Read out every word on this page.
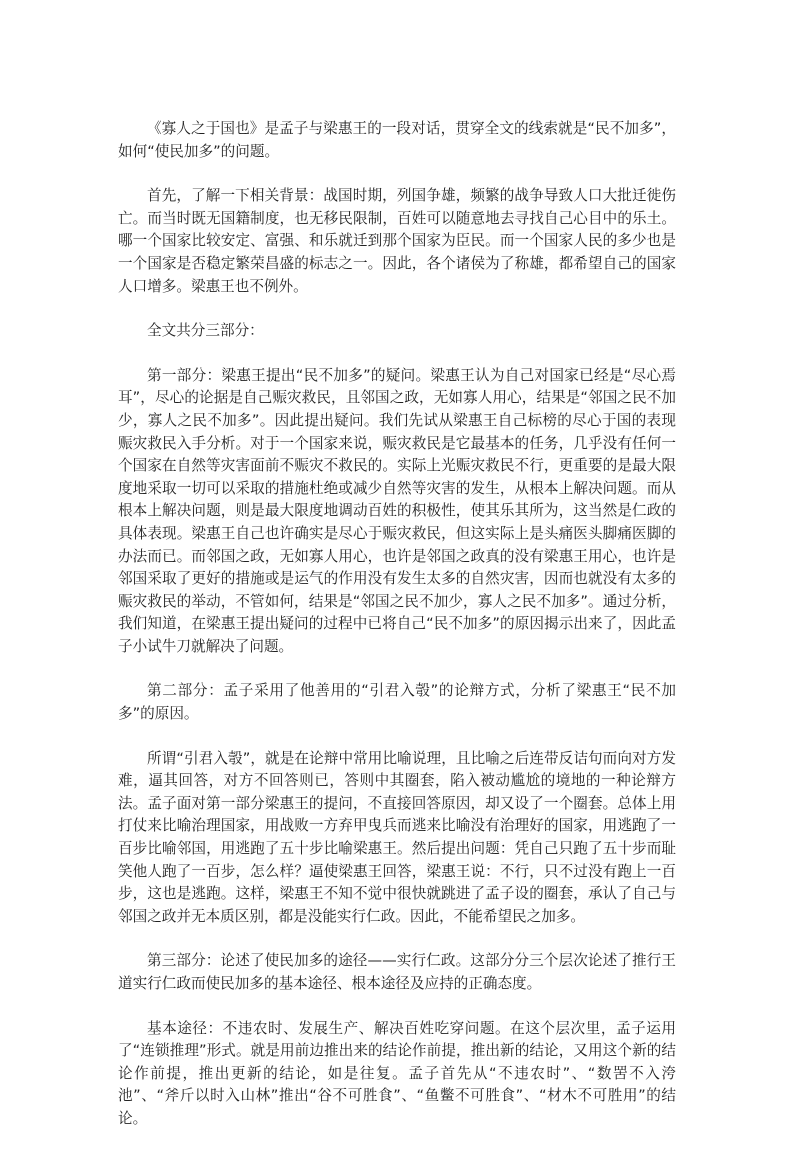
《寡人之于国也》是孟子与梁惠王的一段对话，贯穿全文的线索就是“民不加多”，如何“使民加多”的问题。

首先，了解一下相关背景：战国时期，列国争雄，频繁的战争导致人口大批迁徙伤亡。而当时既无国籍制度，也无移民限制，百姓可以随意地去寻找自己心目中的乐土。哪一个国家比较安定、富强、和乐就迁到那个国家为臣民。而一个国家人民的多少也是一个国家是否稳定繁荣昌盛的标志之一。因此，各个诸侯为了称雄，都希望自己的国家人口增多。梁惠王也不例外。

全文共分三部分：

第一部分：梁惠王提出“民不加多”的疑问。梁惠王认为自己对国家已经是“尽心焉耳”，尽心的论据是自己赈灾救民，且邻国之政，无如寡人用心，结果是“邻国之民不加少，寡人之民不加多”。因此提出疑问。我们先试从梁惠王自己标榜的尽心于国的表现赈灾救民入手分析。对于一个国家来说，赈灾救民是它最基本的任务，几乎没有任何一个国家在自然等灾害面前不赈灾不救民的。实际上光赈灾救民不行，更重要的是最大限度地采取一切可以采取的措施杜绝或减少自然等灾害的发生，从根本上解决问题。而从根本上解决问题，则是最大限度地调动百姓的积极性，使其乐其所为，这当然是仁政的具体表现。梁惠王自己也许确实是尽心于赈灾救民，但这实际上是头痛医头脚痛医脚的办法而已。而邻国之政，无如寡人用心，也许是邻国之政真的没有梁惠王用心，也许是邻国采取了更好的措施或是运气的作用没有发生太多的自然灾害，因而也就没有太多的赈灾救民的举动，不管如何，结果是“邻国之民不加少，寡人之民不加多”。通过分析，我们知道，在梁惠王提出疑问的过程中已将自己“民不加多”的原因揭示出来了，因此孟子小试牛刀就解决了问题。

第二部分：孟子采用了他善用的“引君入彀”的论辩方式，分析了梁惠王“民不加多”的原因。

所谓“引君入彀”，就是在论辩中常用比喻说理，且比喻之后连带反诘句而向对方发难，逼其回答，对方不回答则已，答则中其圈套，陷入被动尴尬的境地的一种论辩方法。孟子面对第一部分梁惠王的提问，不直接回答原因，却又设了一个圈套。总体上用打仗来比喻治理国家，用战败一方弃甲曳兵而逃来比喻没有治理好的国家，用逃跑了一百步比喻邻国，用逃跑了五十步比喻梁惠王。然后提出问题：凭自己只跑了五十步而耻笑他人跑了一百步，怎么样？逼使梁惠王回答，梁惠王说：不行，只不过没有跑上一百步，这也是逃跑。这样，梁惠王不知不觉中很快就跳进了孟子设的圈套，承认了自己与邻国之政并无本质区别，都是没能实行仁政。因此，不能希望民之加多。

第三部分：论述了使民加多的途径——实行仁政。这部分分三个层次论述了推行王道实行仁政而使民加多的基本途径、根本途径及应持的正确态度。

基本途径：不违农时、发展生产、解决百姓吃穿问题。在这个层次里，孟子运用了“连锁推理”形式。就是用前边推出来的结论作前提，推出新的结论，又用这个新的结论作前提，推出更新的结论，如是往复。孟子首先从“不违农时”、“数罟不入洿池”、“斧斤以时入山林”推出“谷不可胜食”、“鱼鳖不可胜食”、“材木不可胜用”的结论。
